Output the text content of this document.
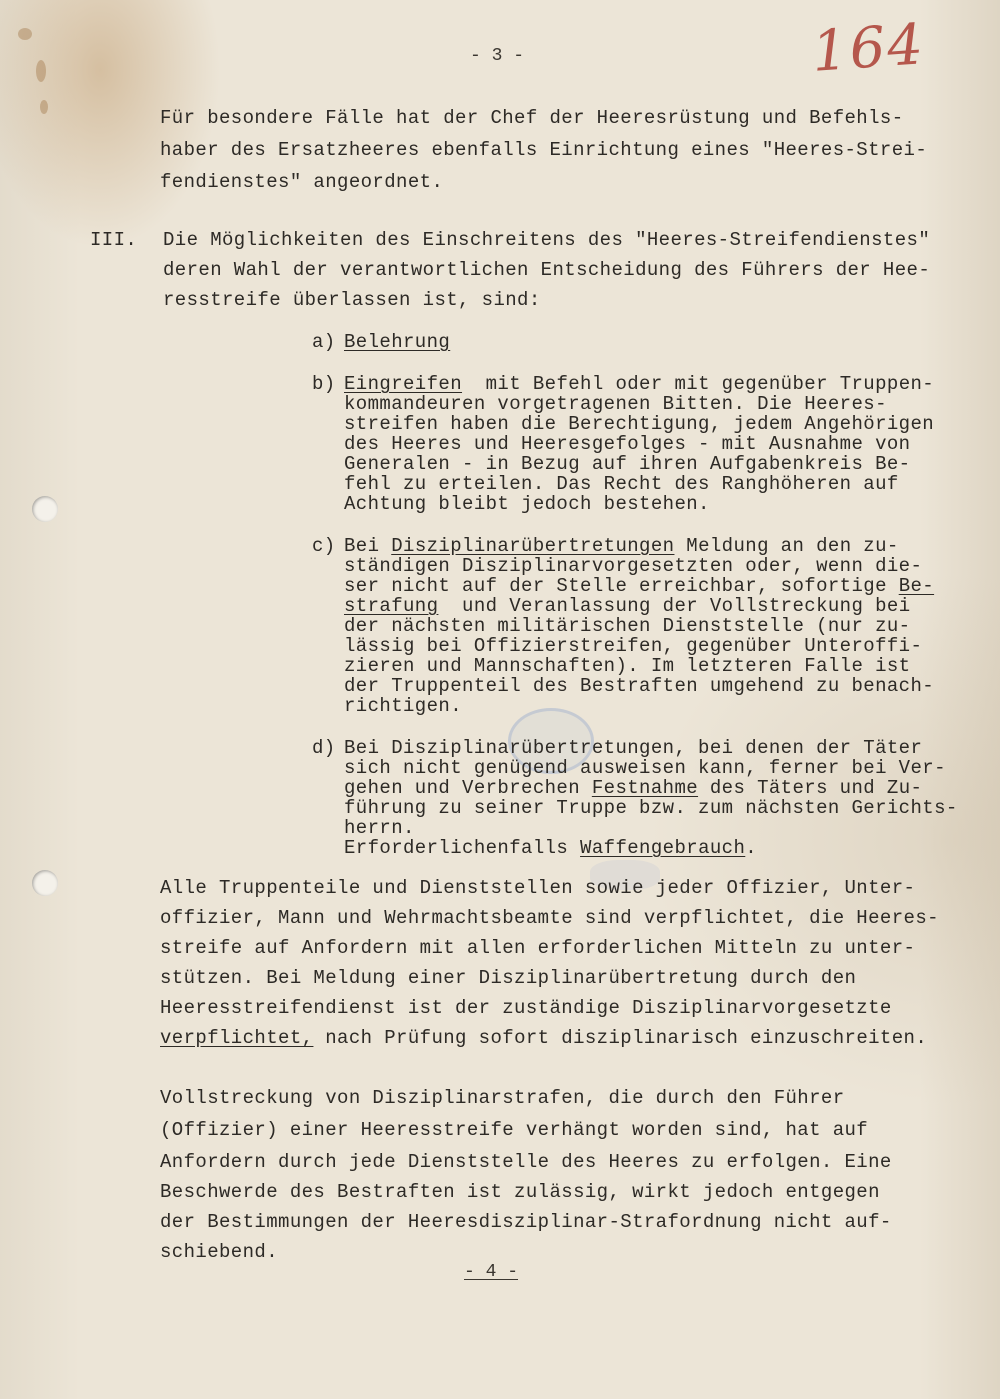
- 3 -	164
Für besondere Fälle hat der Chef der Heeresrüstung und Befehls-
haber des Ersatzheeres ebenfalls Einrichtung eines "Heeres-Strei-
fendienstes" angeordnet.
III. Die Möglichkeiten des Einschreitens des "Heeres-Streifendienstes"
deren Wahl der verantwortlichen Entscheidung des Führers der Hee-
resstreife überlassen ist, sind:
a) Belehrung
b) Eingreifen  mit Befehl oder mit gegenüber Truppen-
kommandeuren vorgetragenen Bitten. Die Heeres-
streifen haben die Berechtigung, jedem Angehörigen
des Heeres und Heeresgefolges - mit Ausnahme von
Generalen - in Bezug auf ihren Aufgabenkreis Be-
fehl zu erteilen. Das Recht des Ranghöheren auf
Achtung bleibt jedoch bestehen.
c) Bei Disziplinarübertretungen Meldung an den zu-
ständigen Disziplinarvorgesetzten oder, wenn die-
ser nicht auf der Stelle erreichbar, sofortige Be-
strafung  und Veranlassung der Vollstreckung bei
der nächsten militärischen Dienststelle (nur zu-
lässig bei Offizierstreifen, gegenüber Unteroffi-
zieren und Mannschaften). Im letzteren Falle ist
der Truppenteil des Bestraften umgehend zu benach-
richtigen.
d) Bei Disziplinarübertretungen, bei denen der Täter
sich nicht genügend ausweisen kann, ferner bei Ver-
gehen und Verbrechen Festnahme des Täters und Zu-
führung zu seiner Truppe bzw. zum nächsten Gerichts-
herrn.
Erforderlichenfalls Waffengebrauch.
Alle Truppenteile und Dienststellen sowie jeder Offizier, Unter-
offizier, Mann und Wehrmachtsbeamte sind verpflichtet, die Heeres-
streife auf Anfordern mit allen erforderlichen Mitteln zu unter-
stützen. Bei Meldung einer Disziplinarübertretung durch den
Heeresstreifendienst ist der zuständige Disziplinarvorgesetzte
verpflichtet, nach Prüfung sofort disziplinarisch einzuschreiten.
Vollstreckung von Disziplinarstrafen, die durch den Führer
(Offizier) einer Heeresstreife verhängt worden sind, hat auf
Anfordern durch jede Dienststelle des Heeres zu erfolgen. Eine
Beschwerde des Bestraften ist zulässig, wirkt jedoch entgegen
der Bestimmungen der Heeresdisziplinar-Strafordnung nicht auf-
schiebend.
- 4 -
